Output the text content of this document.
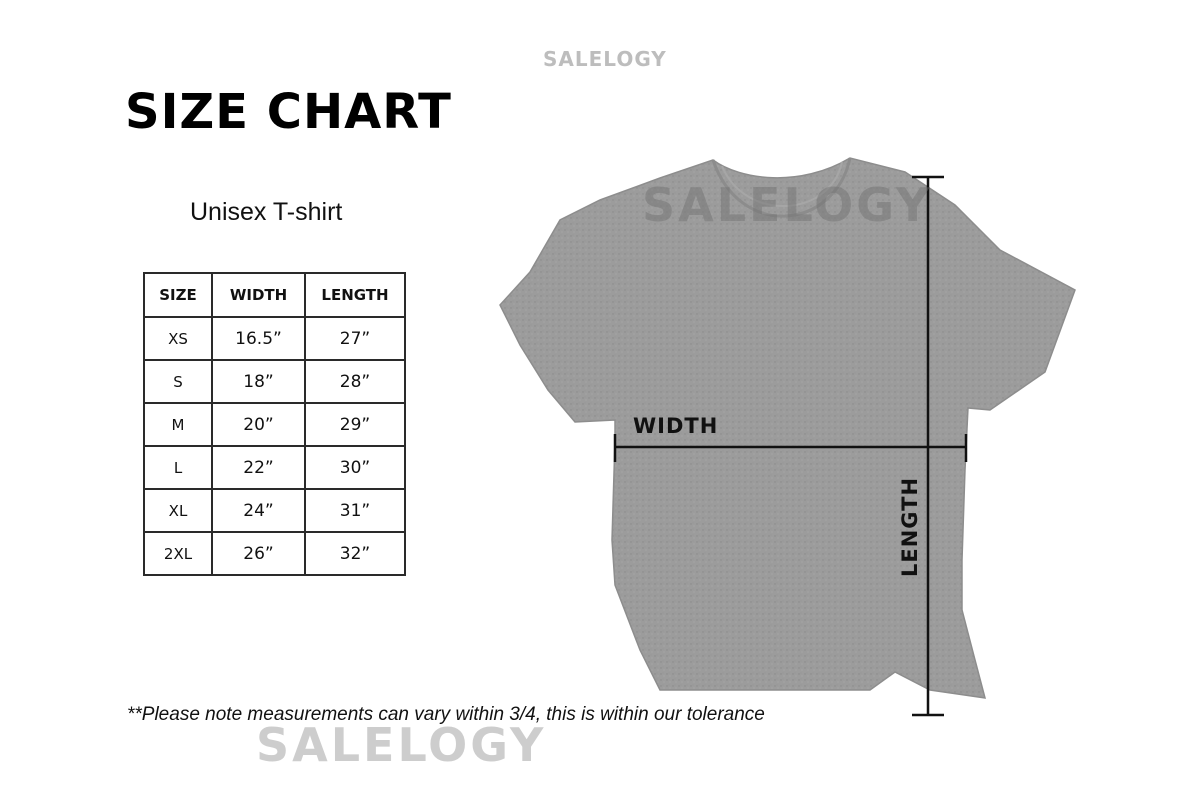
SALELOGY
SIZE CHART
Unisex T-shirt
SIZE	WIDTH	LENGTH
XS	16.5”	27”
S	18”	28”
M	20”	29”
L	22”	30”
XL	24”	31”
2XL	26”	32”
SALELOGY
WIDTH
LENGTH
**Please note measurements can vary within 3/4, this is within our tolerance
SALELOGY
